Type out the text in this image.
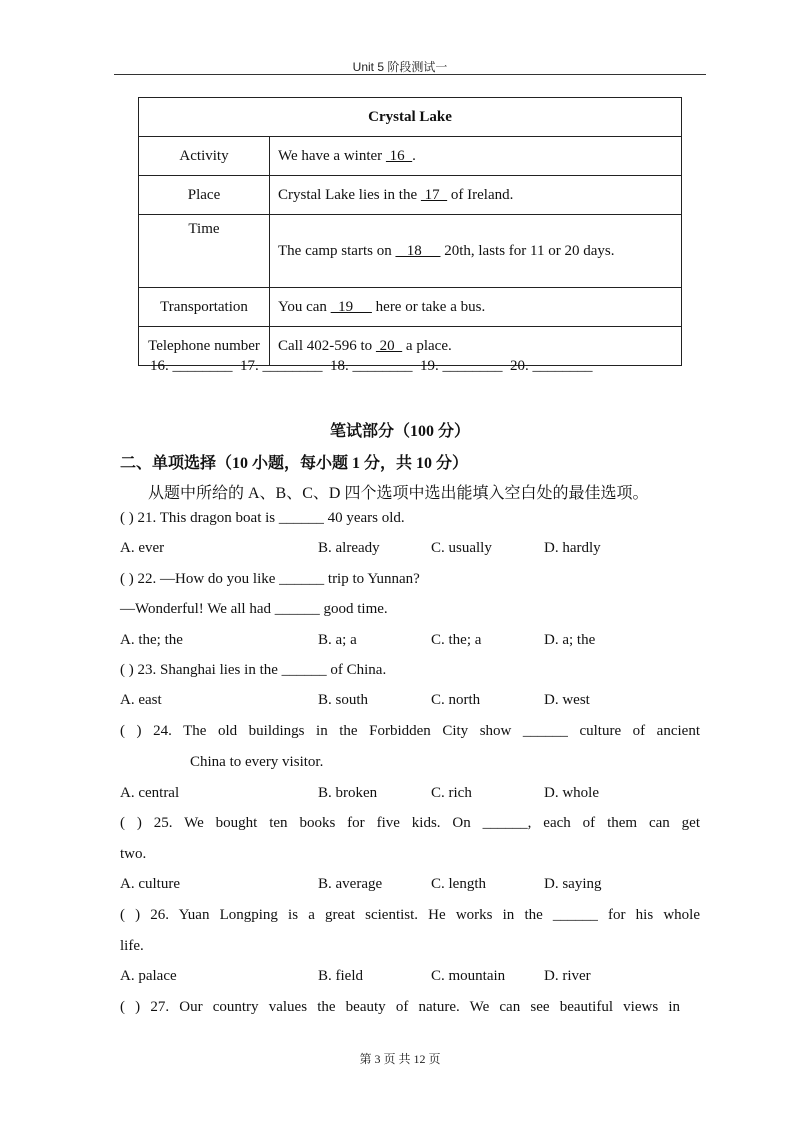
Unit 5 阶段测试一
Crystal Lake	
Activity	We have a winter  16  .
Place	Crystal Lake lies in the  17   of Ireland.
Time	The camp starts on    18      20th, lasts for 11 or 20 days.
Transportation	You can   19      here or take a bus.
Telephone number	Call 402-596 to  20   a place.
16. ________  17. ________  18. ________  19. ________  20. ________
笔试部分（100 分）
二、单项选择（10 小题，每小题 1 分，共 10 分）
从题中所给的 A、B、C、D 四个选项中选出能填入空白处的最佳选项。
( ) 21. This dragon boat is ______ 40 years old.
A. ever	B. already	C. usually	D. hardly
( ) 22. —How do you like ______ trip to Yunnan?
—Wonderful! We all had ______ good time.
A. the; the	B. a; a	C. the; a	D. a; the
( ) 23. Shanghai lies in the ______ of China.
A. east	B. south	C. north	D. west
( ) 24. The old buildings in the Forbidden City show ______ culture of ancient
China to every visitor.
A. central	B. broken	C. rich	D. whole
( ) 25. We bought ten books for five kids. On ______, each of them can get
two.
A. culture	B. average	C. length	D. saying
( ) 26. Yuan Longping is a great scientist. He works in the ______ for his whole
life.
A. palace	B. field	C. mountain	D. river
( ) 27. Our country values the beauty of nature. We can see beautiful views in
第 3 页 共 12 页
